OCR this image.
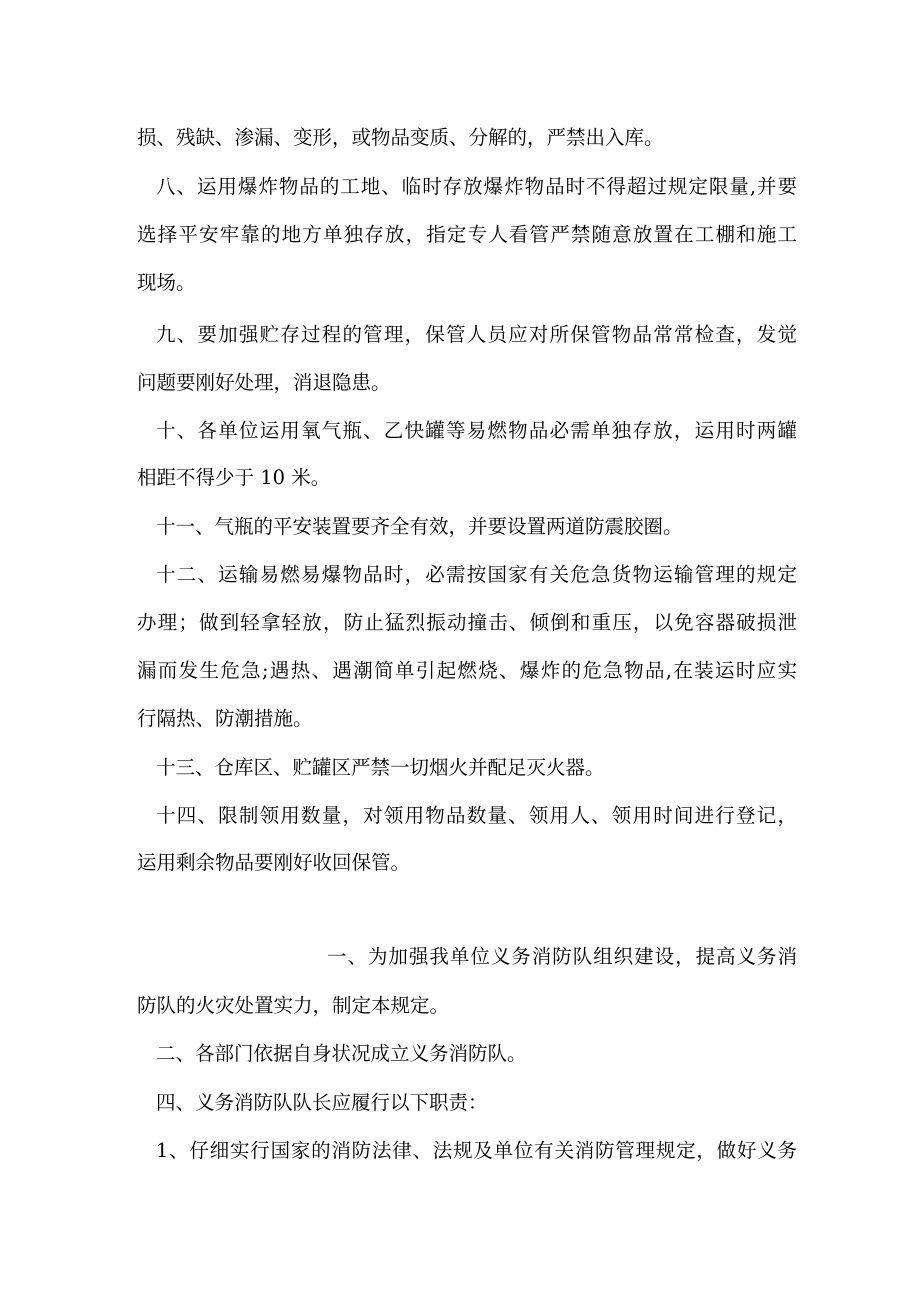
损、残缺、渗漏、变形，或物品变质、分解的，严禁出入库。
八、运用爆炸物品的工地、临时存放爆炸物品时不得超过规定限量,并要
选择平安牢靠的地方单独存放，指定专人看管严禁随意放置在工棚和施工
现场。
九、要加强贮存过程的管理，保管人员应对所保管物品常常检查，发觉
问题要刚好处理，消退隐患。
十、各单位运用氧气瓶、乙快罐等易燃物品必需单独存放，运用时两罐
相距不得少于 10 米。
十一、气瓶的平安装置要齐全有效，并要设置两道防震胶圈。
十二、运输易燃易爆物品时，必需按国家有关危急货物运输管理的规定
办理；做到轻拿轻放，防止猛烈振动撞击、倾倒和重压，以免容器破损泄
漏而发生危急;遇热、遇潮简单引起燃烧、爆炸的危急物品,在装运时应实
行隔热、防潮措施。
十三、仓库区、贮罐区严禁一切烟火并配足灭火器。
十四、限制领用数量，对领用物品数量、领用人、领用时间进行登记，
运用剩余物品要刚好收回保管。
一、为加强我单位义务消防队组织建设，提高义务消
防队的火灾处置实力，制定本规定。
二、各部门依据自身状况成立义务消防队。
四、义务消防队队长应履行以下职责：
1、仔细实行国家的消防法律、法规及单位有关消防管理规定，做好义务
